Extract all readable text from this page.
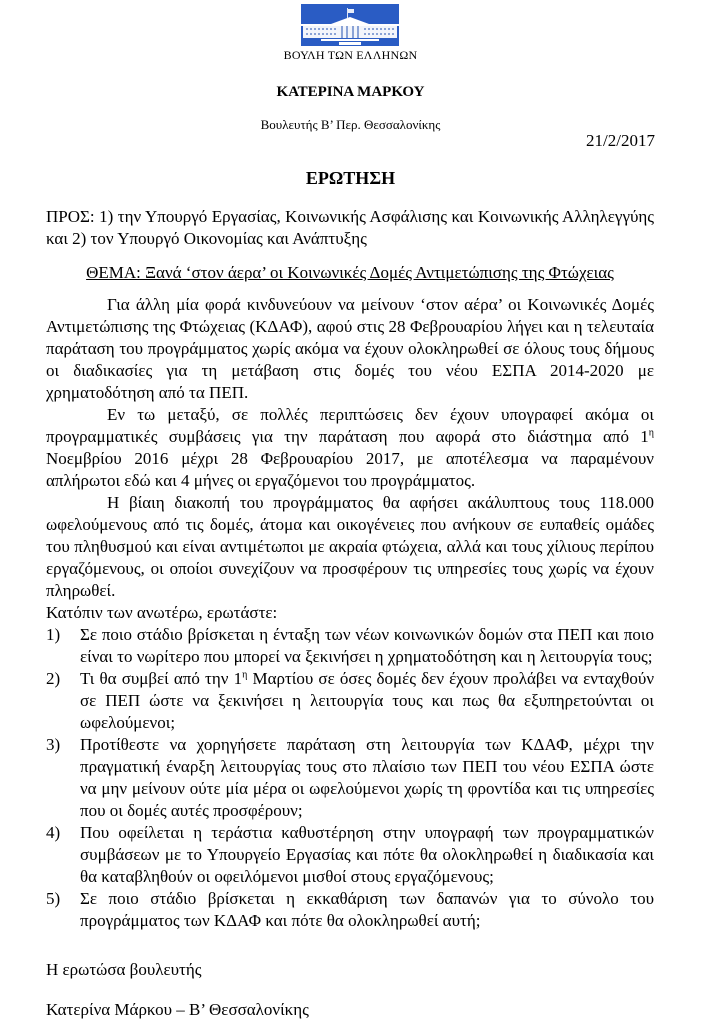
ΒΟΥΛΗ ΤΩΝ ΕΛΛΗΝΩΝ
ΚΑΤΕΡΙΝΑ ΜΑΡΚΟΥ
Βουλευτής Β’ Περ. Θεσσαλονίκης
21/2/2017
ΕΡΩΤΗΣΗ
ΠΡΟΣ: 1) την Υπουργό Εργασίας, Κοινωνικής Ασφάλισης και Κοινωνικής Αλληλεγγύης και 2) τον Υπουργό Οικονομίας και Ανάπτυξης
ΘΕΜΑ: Ξανά ‘στον άερα’ οι Κοινωνικές Δομές Αντιμετώπισης της Φτώχειας
Για άλλη μία φορά κινδυνεύουν να μείνουν ‘στον αέρα’ οι Κοινωνικές Δομές Αντιμετώπισης της Φτώχειας (ΚΔΑΦ), αφού στις 28 Φεβρουαρίου λήγει και η τελευταία παράταση του προγράμματος χωρίς ακόμα να έχουν ολοκληρωθεί σε όλους τους δήμους οι διαδικασίες για τη μετάβαση στις δομές του νέου ΕΣΠΑ 2014-2020 με χρηματοδότηση από τα ΠΕΠ.
Εν τω μεταξύ, σε πολλές περιπτώσεις δεν έχουν υπογραφεί ακόμα οι προγραμματικές συμβάσεις για την παράταση που αφορά στο διάστημα από $1^\eta$ Νοεμβρίου 2016 μέχρι 28 Φεβρουαρίου 2017, με αποτέλεσμα να παραμένουν απλήρωτοι εδώ και 4 μήνες οι εργαζόμενοι του προγράμματος.
Η βίαιη διακοπή του προγράμματος θα αφήσει ακάλυπτους τους 118.000 ωφελούμενους από τις δομές, άτομα και οικογένειες που ανήκουν σε ευπαθείς ομάδες του πληθυσμού και είναι αντιμέτωποι με ακραία φτώχεια, αλλά και τους χίλιους περίπου εργαζόμενους, οι οποίοι συνεχίζουν να προσφέρουν τις υπηρεσίες τους χωρίς να έχουν πληρωθεί.
Κατόπιν των ανωτέρω, ερωτάστε:
1) Σε ποιο στάδιο βρίσκεται η ένταξη των νέων κοινωνικών δομών στα ΠΕΠ και ποιο είναι το νωρίτερο που μπορεί να ξεκινήσει η χρηματοδότηση και η λειτουργία τους;
2) Τι θα συμβεί από την $1^\eta$ Μαρτίου σε όσες δομές δεν έχουν προλάβει να ενταχθούν σε ΠΕΠ ώστε να ξεκινήσει η λειτουργία τους και πως θα εξυπηρετούνται οι ωφελούμενοι;
3) Προτίθεστε να χορηγήσετε παράταση στη λειτουργία των ΚΔΑΦ, μέχρι την πραγματική έναρξη λειτουργίας τους στο πλαίσιο των ΠΕΠ του νέου ΕΣΠΑ ώστε να μην μείνουν ούτε μία μέρα οι ωφελούμενοι χωρίς τη φροντίδα και τις υπηρεσίες που οι δομές αυτές προσφέρουν;
4) Που οφείλεται η τεράστια καθυστέρηση στην υπογραφή των προγραμματικών συμβάσεων με το Υπουργείο Εργασίας και πότε θα ολοκληρωθεί η διαδικασία και θα καταβληθούν οι οφειλόμενοι μισθοί στους εργαζόμενους;
5) Σε ποιο στάδιο βρίσκεται η εκκαθάριση των δαπανών για το σύνολο του προγράμματος των ΚΔΑΦ και πότε θα ολοκληρωθεί αυτή;
Η ερωτώσα βουλευτής
Κατερίνα Μάρκου – Β’ Θεσσαλονίκης
